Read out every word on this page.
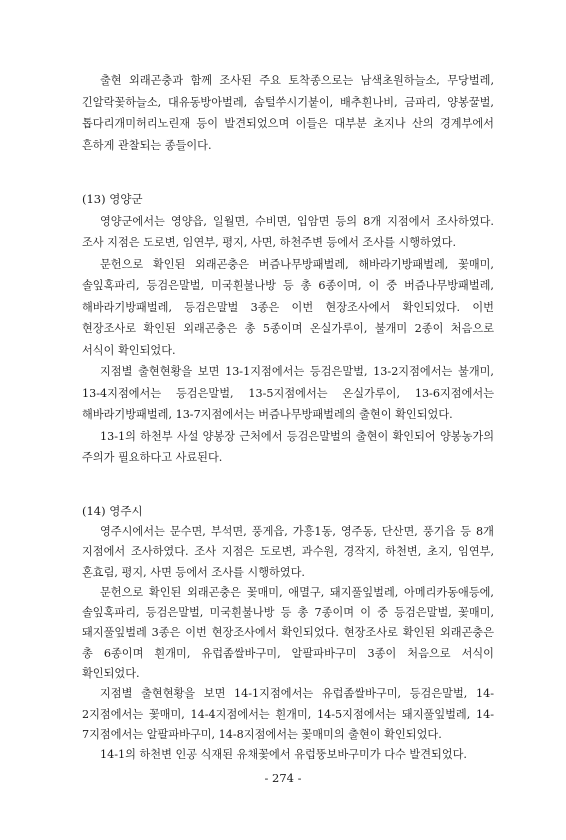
출현 외래곤충과 함께 조사된 주요 토착종으로는 남색초원하늘소, 무당벌레, 긴알락꽃하늘소, 대유동방아벌레, 솜털쑤시기붙이, 배추흰나비, 금파리, 양봉꿀벌, 톱다리개미허리노린재 등이 발견되었으며 이들은 대부분 초지나 산의 경계부에서 흔하게 관찰되는 종들이다.

(13) 영양군

영양군에서는 영양읍, 일월면, 수비면, 입암면 등의 8개 지점에서 조사하였다. 조사 지점은 도로변, 임연부, 평지, 사면, 하천주변 등에서 조사를 시행하였다.

문헌으로 확인된 외래곤충은 버즘나무방패벌레, 해바라기방패벌레, 꽃매미, 솔잎혹파리, 등검은말벌, 미국흰불나방 등 총 6종이며, 이 중 버즘나무방패벌레, 해바라기방패벌레, 등검은말벌 3종은 이번 현장조사에서 확인되었다. 이번 현장조사로 확인된 외래곤충은 총 5종이며 온실가루이, 불개미 2종이 처음으로 서식이 확인되었다.

지점별 출현현황을 보면 13-1지점에서는 등검은말벌, 13-2지점에서는 불개미, 13-4지점에서는 등검은말벌, 13-5지점에서는 온실가루이, 13-6지점에서는 해바라기방패벌레, 13-7지점에서는 버즘나무방패벌레의 출현이 확인되었다.

13-1의 하천부 사설 양봉장 근처에서 등검은말벌의 출현이 확인되어 양봉농가의 주의가 필요하다고 사료된다.

(14) 영주시

영주시에서는 문수면, 부석면, 풍게읍, 가흥1동, 영주동, 단산면, 풍기읍 등 8개 지점에서 조사하였다. 조사 지점은 도로변, 과수원, 경작지, 하천변, 초지, 임연부, 혼효림, 평지, 사면 등에서 조사를 시행하였다.

문헌으로 확인된 외래곤충은 꽃매미, 애멸구, 돼지풀잎벌레, 아메리카동애등에, 솔잎혹파리, 등검은말벌, 미국흰불나방 등 총 7종이며 이 중 등검은말벌, 꽃매미, 돼지풀잎벌레 3종은 이번 현장조사에서 확인되었다. 현장조사로 확인된 외래곤충은 총 6종이며 흰개미, 유럽좀쌀바구미, 알팔파바구미 3종이 처음으로 서식이 확인되었다.

지점별 출현현황을 보면 14-1지점에서는 유럽좀쌀바구미, 등검은말벌, 14-2지점에서는 꽃매미, 14-4지점에서는 흰개미, 14-5지점에서는 돼지풀잎벌레, 14-7지점에서는 알팔파바구미, 14-8지점에서는 꽃매미의 출현이 확인되었다.

14-1의 하천변 인공 식재된 유채꽃에서 유럽뚱보바구미가 다수 발견되었다.

- 274 -
